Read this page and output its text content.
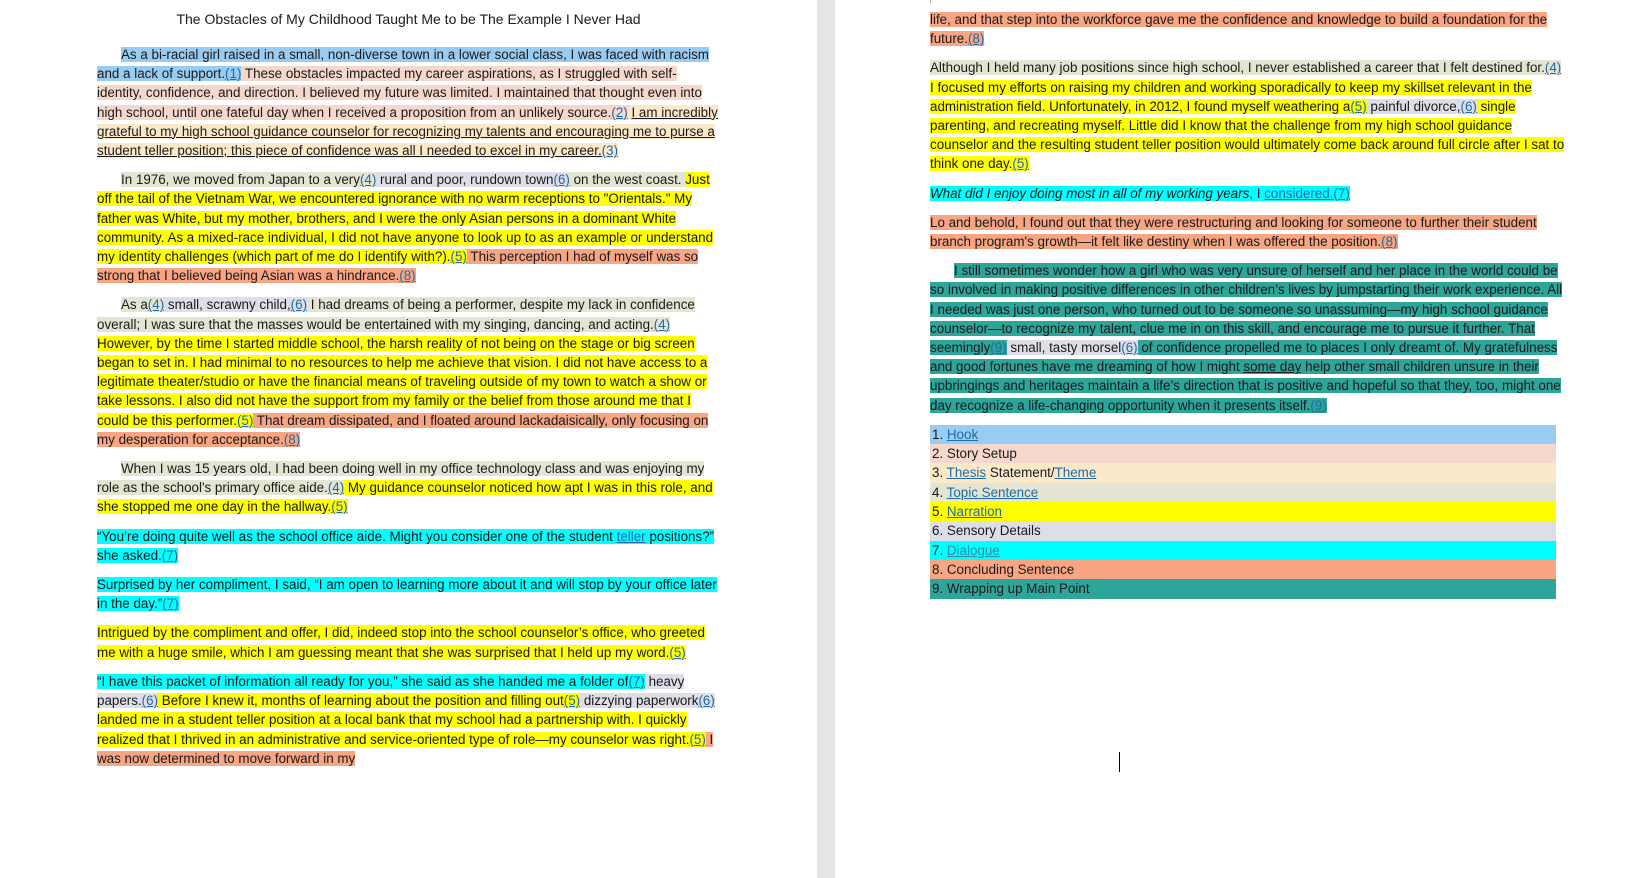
The Obstacles of My Childhood Taught Me to be The Example I Never Had

As a bi-racial girl raised in a small, non-diverse town in a lower social class, I was faced with racism and a lack of support.(1) These obstacles impacted my career aspirations, as I struggled with self-identity, confidence, and direction. I believed my future was limited. I maintained that thought even into high school, until one fateful day when I received a proposition from an unlikely source.(2) I am incredibly grateful to my high school guidance counselor for recognizing my talents and encouraging me to purse a student teller position; this piece of confidence was all I needed to excel in my career.(3)

In 1976, we moved from Japan to a very(4) rural and poor, rundown town(6) on the west coast. Just off the tail of the Vietnam War, we encountered ignorance with no warm receptions to "Orientals." My father was White, but my mother, brothers, and I were the only Asian persons in a dominant White community. As a mixed-race individual, I did not have anyone to look up to as an example or understand my identity challenges (which part of me do I identify with?).(5) This perception I had of myself was so strong that I believed being Asian was a hindrance.(8)

As a(4) small, scrawny child,(6) I had dreams of being a performer, despite my lack in confidence overall; I was sure that the masses would be entertained with my singing, dancing, and acting.(4) However, by the time I started middle school, the harsh reality of not being on the stage or big screen began to set in. I had minimal to no resources to help me achieve that vision. I did not have access to a legitimate theater/studio or have the financial means of traveling outside of my town to watch a show or take lessons. I also did not have the support from my family or the belief from those around me that I could be this performer.(5) That dream dissipated, and I floated around lackadaisically, only focusing on my desperation for acceptance.(8)

When I was 15 years old, I had been doing well in my office technology class and was enjoying my role as the school's primary office aide.(4) My guidance counselor noticed how apt I was in this role, and she stopped me one day in the hallway.(5)

“You’re doing quite well as the school office aide. Might you consider one of the student teller positions?” she asked.(7)

Surprised by her compliment, I said, “I am open to learning more about it and will stop by your office later in the day.”(7)

Intrigued by the compliment and offer, I did, indeed stop into the school counselor’s office, who greeted me with a huge smile, which I am guessing meant that she was surprised that I held up my word.(5)

“I have this packet of information all ready for you,” she said as she handed me a folder of(7) heavy papers.(6) Before I knew it, months of learning about the position and filling out(5) dizzying paperwork(6) landed me in a student teller position at a local bank that my school had a partnership with. I quickly realized that I thrived in an administrative and service-oriented type of role—my counselor was right.(5) I was now determined to move forward in my

life, and that step into the workforce gave me the confidence and knowledge to build a foundation for the future.(8)

Although I held many job positions since high school, I never established a career that I felt destined for.(4) I focused my efforts on raising my children and working sporadically to keep my skillset relevant in the administration field. Unfortunately, in 2012, I found myself weathering a(5) painful divorce,(6) single parenting, and recreating myself. Little did I know that the challenge from my high school guidance counselor and the resulting student teller position would ultimately come back around full circle after I sat to think one day.(5)

What did I enjoy doing most in all of my working years, I considered.(7)

Lo and behold, I found out that they were restructuring and looking for someone to further their student branch program's growth—it felt like destiny when I was offered the position.(8)

I still sometimes wonder how a girl who was very unsure of herself and her place in the world could be so involved in making positive differences in other children’s lives by jumpstarting their work experience. All I needed was just one person, who turned out to be someone so unassuming—my high school guidance counselor—to recognize my talent, clue me in on this skill, and encourage me to pursue it further. That seemingly(9) small, tasty morsel(6) of confidence propelled me to places I only dreamt of. My gratefulness and good fortunes have me dreaming of how I might some day help other small children unsure in their upbringings and heritages maintain a life’s direction that is positive and hopeful so that they, too, might one day recognize a life-changing opportunity when it presents itself.(9)

1. Hook
2. Story Setup
3. Thesis Statement/Theme
4. Topic Sentence
5. Narration
6. Sensory Details
7. Dialogue
8. Concluding Sentence
9. Wrapping up Main Point
